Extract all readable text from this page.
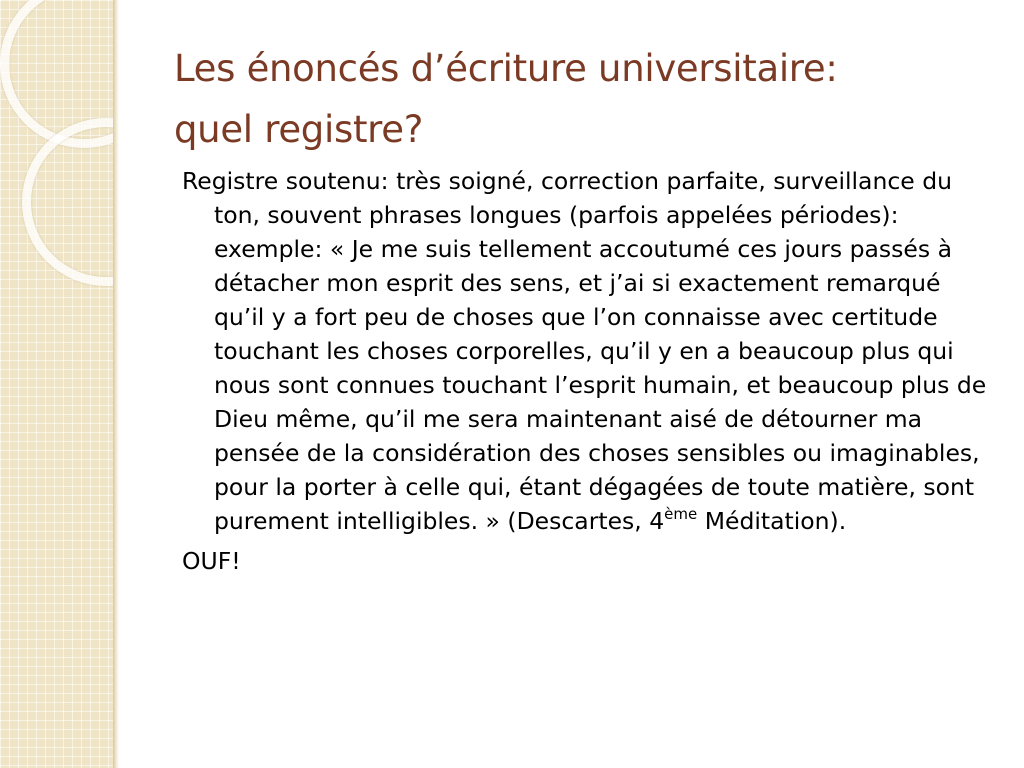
Les énoncés d’écriture universitaire:
quel registre?

Registre soutenu: très soigné, correction parfaite, surveillance du ton, souvent phrases longues (parfois appelées périodes): exemple: « Je me suis tellement accoutumé ces jours passés à détacher mon esprit des sens, et j’ai si exactement remarqué qu’il y a fort peu de choses que l’on connaisse avec certitude touchant les choses corporelles, qu’il y en a beaucoup plus qui nous sont connues touchant l’esprit humain, et beaucoup plus de Dieu même, qu’il me sera maintenant aisé de détourner ma pensée de la considération des choses sensibles ou imaginables, pour la porter à celle qui, étant dégagées de toute matière, sont purement intelligibles. » (Descartes, 4ème Méditation).

OUF!
